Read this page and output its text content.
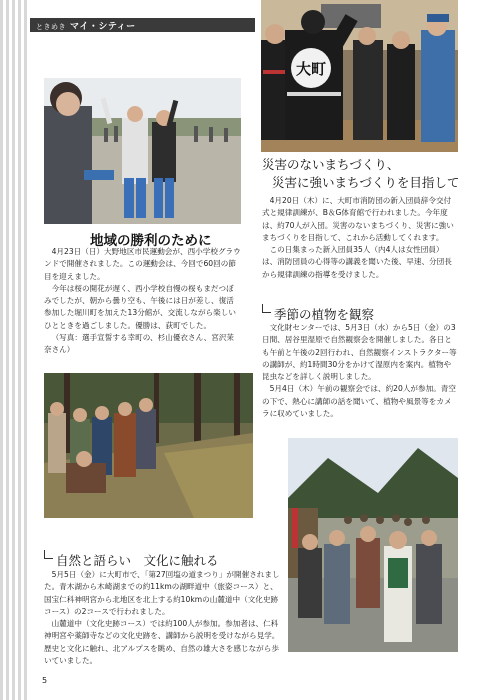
ときめき マイ・シティー
大町
地域の勝利のために

4月23日（日）大野地区市民運動会が、西小学校グラウンドで開催されました。この運動会は、今回で60回の節目を迎えました。

今年は桜の開花が遅く、西小学校自慢の桜もまだつぼみでしたが、朝から曇り空も、午後には日が差し、復活参加した堀川町を加えた13分館が、交流しながら楽しいひとときを過ごしました。優勝は、荻町でした。

（写真：選手宣誓する幸町の、杉山優衣さん、宮沢茉奈さん）

災害のないまちづくり、
災害に強いまちづくりを目指して

4月20日（木）に、大町市消防団の新入団員辞令交付式と規律訓練が、B＆G体育館で行われました。今年度は、約70人が入団。災害のないまちづくり、災害に強いまちづくりを目指して、これから活動してくれます。

この日集まった新入団員35人（内4人は女性団員）は、消防団員の心得等の講義を聞いた後、早速、分団長から規律訓練の指導を受けました。

季節の植物を観察

文化財センターでは、5月3日（水）から5日（金）の3日間、居谷里湿原で自然観察会を開催しました。各日とも午前と午後の2回行われ、自然観察インストラクター等の講師が、約1時間30分をかけて湿原内を案内。植物や昆虫などを詳しく説明しました。

5月4日（木）午前の観察会では、約20人が参加。青空の下で、熱心に講師の話を聞いて、植物や風景等をカメラに収めていました。

自然と語らい　文化に触れる

5月5日（金）に大町市で、「第27回塩の道まつり」が開催されました。青木湖から木崎湖までの約11kmの湖畔道中（旅姿コース）と、国宝仁科神明宮から北地区を北上する約10kmの山麓道中（文化史跡コース）の2コースで行われました。

山麓道中（文化史跡コース）では約100人が参加。参加者は、仁科神明宮や薬師寺などの文化史跡を、講師から説明を受けながら見学。歴史と文化に触れ、北アルプスを眺め、自然の雄大さを感じながら歩いていました。

5
